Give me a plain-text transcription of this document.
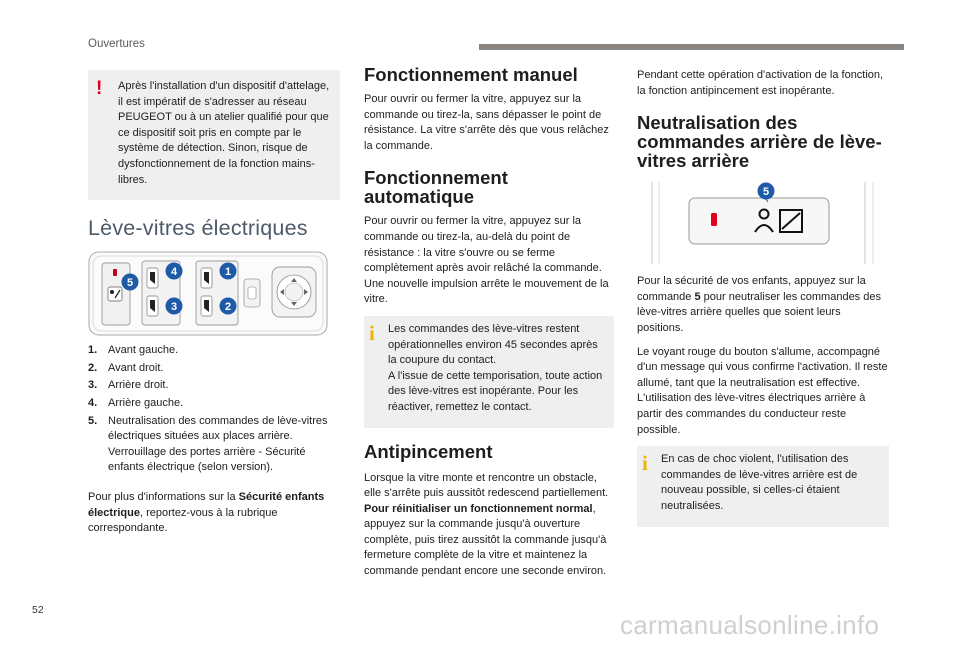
Ouvertures
! Après l'installation d'un dispositif d'attelage, il est impératif de s'adresser au réseau PEUGEOT ou à un atelier qualifié pour que ce dispositif soit pris en compte par le système de détection. Sinon, risque de dysfonctionnement de la fonction mains-libres.

Lève-vitres électriques
5
4
3
1
2
1. Avant gauche.
2. Avant droit.
3. Arrière droit.
4. Arrière gauche.
5. Neutralisation des commandes de lève-vitres électriques situées aux places arrière.
Verrouillage des portes arrière - Sécurité enfants électrique (selon version).

Pour plus d'informations sur la Sécurité enfants électrique, reportez-vous à la rubrique correspondante.

Fonctionnement manuel

Pour ouvrir ou fermer la vitre, appuyez sur la commande ou tirez-la, sans dépasser le point de résistance. La vitre s'arrête dès que vous relâchez la commande.

Fonctionnement automatique

Pour ouvrir ou fermer la vitre, appuyez sur la commande ou tirez-la, au-delà du point de résistance : la vitre s'ouvre ou se ferme complètement après avoir relâché la commande. Une nouvelle impulsion arrête le mouvement de la vitre.

i Les commandes des lève-vitres restent opérationnelles environ 45 secondes après la coupure du contact.
A l'issue de cette temporisation, toute action des lève-vitres est inopérante. Pour les réactiver, remettez le contact.

Antipincement

Lorsque la vitre monte et rencontre un obstacle, elle s'arrête puis aussitôt redescend partiellement.
Pour réinitialiser un fonctionnement normal, appuyez sur la commande jusqu'à ouverture complète, puis tirez aussitôt la commande jusqu'à fermeture complète de la vitre et maintenez la commande pendant encore une seconde environ.

Pendant cette opération d'activation de la fonction, la fonction antipincement est inopérante.

Neutralisation des commandes arrière de lève-vitres arrière
5

Pour la sécurité de vos enfants, appuyez sur la commande 5 pour neutraliser les commandes des lève-vitres arrière quelles que soient leurs positions.

Le voyant rouge du bouton s'allume, accompagné d'un message qui vous confirme l'activation. Il reste allumé, tant que la neutralisation est effective.
L'utilisation des lève-vitres électriques arrière à partir des commandes du conducteur reste possible.

i En cas de choc violent, l'utilisation des commandes de lève-vitres arrière est de nouveau possible, si celles-ci étaient neutralisées.

52	carmanualsonline.info
